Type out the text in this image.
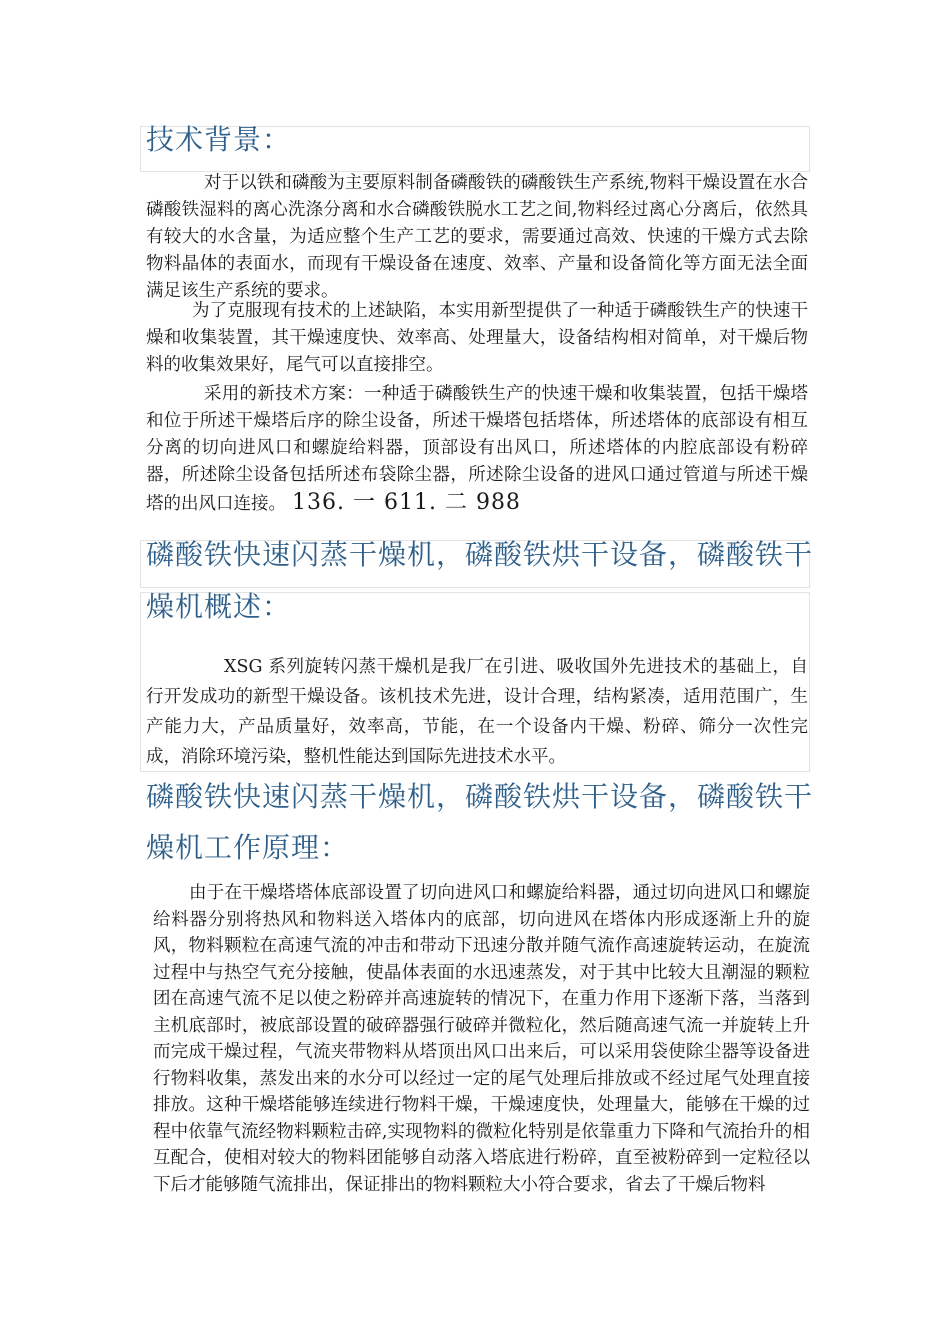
技术背景：

对于以铁和磷酸为主要原料制备磷酸铁的磷酸铁生产系统,物料干燥设置在水合磷酸铁湿料的离心洗涤分离和水合磷酸铁脱水工艺之间,物料经过离心分离后，依然具有较大的水含量，为适应整个生产工艺的要求，需要通过高效、快速的干燥方式去除物料晶体的表面水，而现有干燥设备在速度、效率、产量和设备简化等方面无法全面满足该生产系统的要求。

为了克服现有技术的上述缺陷，本实用新型提供了一种适于磷酸铁生产的快速干燥和收集装置，其干燥速度快、效率高、处理量大，设备结构相对简单，对干燥后物料的收集效果好，尾气可以直接排空。

采用的新技术方案：一种适于磷酸铁生产的快速干燥和收集装置，包括干燥塔和位于所述干燥塔后序的除尘设备，所述干燥塔包括塔体，所述塔体的底部设有相互分离的切向进风口和螺旋给料器，顶部设有出风口，所述塔体的内腔底部设有粉碎器，所述除尘设备包括所述布袋除尘器，所述除尘设备的进风口通过管道与所述干燥塔的出风口连接。 136. 一 611. 二 988

磷酸铁快速闪蒸干燥机，磷酸铁烘干设备，磷酸铁干
燥机概述：

XSG 系列旋转闪蒸干燥机是我厂在引进、吸收国外先进技术的基础上，自行开发成功的新型干燥设备。该机技术先进，设计合理，结构紧凑，适用范围广，生产能力大，产品质量好，效率高，节能，在一个设备内干燥、粉碎、筛分一次性完成，消除环境污染，整机性能达到国际先进技术水平。

磷酸铁快速闪蒸干燥机，磷酸铁烘干设备，磷酸铁干
燥机工作原理：

由于在干燥塔塔体底部设置了切向进风口和螺旋给料器，通过切向进风口和螺旋给料器分别将热风和物料送入塔体内的底部，切向进风在塔体内形成逐渐上升的旋风，物料颗粒在高速气流的冲击和带动下迅速分散并随气流作高速旋转运动，在旋流过程中与热空气充分接触，使晶体表面的水迅速蒸发，对于其中比较大且潮湿的颗粒团在高速气流不足以使之粉碎并高速旋转的情况下，在重力作用下逐渐下落，当落到主机底部时，被底部设置的破碎器强行破碎并微粒化，然后随高速气流一并旋转上升而完成干燥过程，气流夹带物料从塔顶出风口出来后，可以采用袋使除尘器等设备进行物料收集，蒸发出来的水分可以经过一定的尾气处理后排放或不经过尾气处理直接排放。这种干燥塔能够连续进行物料干燥，干燥速度快，处理量大，能够在干燥的过程中依靠气流经物料颗粒击碎,实现物料的微粒化特别是依靠重力下降和气流抬升的相互配合，使相对较大的物料团能够自动落入塔底进行粉碎，直至被粉碎到一定粒径以下后才能够随气流排出，保证排出的物料颗粒大小符合要求，省去了干燥后物料
